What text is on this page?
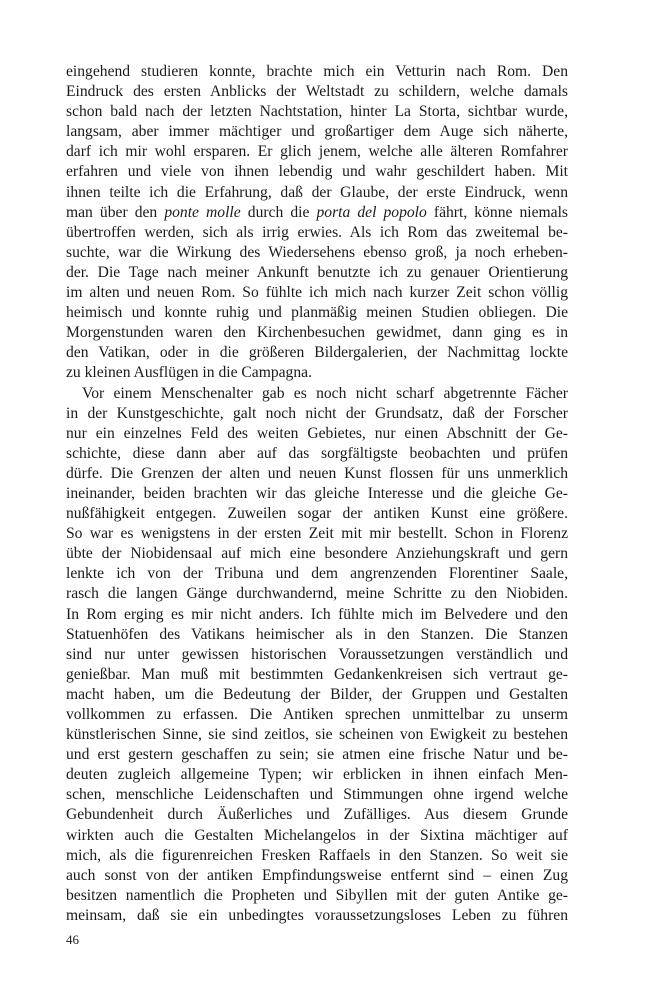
eingehend studieren konnte, brachte mich ein Vetturin nach Rom. Den
Eindruck des ersten Anblicks der Weltstadt zu schildern, welche damals
schon bald nach der letzten Nachtstation, hinter La Storta, sichtbar wurde,
langsam, aber immer mächtiger und großartiger dem Auge sich näherte,
darf ich mir wohl ersparen. Er glich jenem, welche alle älteren Romfahrer
erfahren und viele von ihnen lebendig und wahr geschildert haben. Mit
ihnen teilte ich die Erfahrung, daß der Glaube, der erste Eindruck, wenn
man über den ponte molle durch die porta del popolo fährt, könne niemals
übertroffen werden, sich als irrig erwies. Als ich Rom das zweitemal be-
suchte, war die Wirkung des Wiedersehens ebenso groß, ja noch erheben-
der. Die Tage nach meiner Ankunft benutzte ich zu genauer Orientierung
im alten und neuen Rom. So fühlte ich mich nach kurzer Zeit schon völlig
heimisch und konnte ruhig und planmäßig meinen Studien obliegen. Die
Morgenstunden waren den Kirchenbesuchen gewidmet, dann ging es in
den Vatikan, oder in die größeren Bildergalerien, der Nachmittag lockte
zu kleinen Ausflügen in die Campagna.

Vor einem Menschenalter gab es noch nicht scharf abgetrennte Fächer
in der Kunstgeschichte, galt noch nicht der Grundsatz, daß der Forscher
nur ein einzelnes Feld des weiten Gebietes, nur einen Abschnitt der Ge-
schichte, diese dann aber auf das sorgfältigste beobachten und prüfen
dürfe. Die Grenzen der alten und neuen Kunst flossen für uns unmerklich
ineinander, beiden brachten wir das gleiche Interesse und die gleiche Ge-
nußfähigkeit entgegen. Zuweilen sogar der antiken Kunst eine größere.
So war es wenigstens in der ersten Zeit mit mir bestellt. Schon in Florenz
übte der Niobidensaal auf mich eine besondere Anziehungskraft und gern
lenkte ich von der Tribuna und dem angrenzenden Florentiner Saale,
rasch die langen Gänge durchwandernd, meine Schritte zu den Niobiden.
In Rom erging es mir nicht anders. Ich fühlte mich im Belvedere und den
Statuenhöfen des Vatikans heimischer als in den Stanzen. Die Stanzen
sind nur unter gewissen historischen Voraussetzungen verständlich und
genießbar. Man muß mit bestimmten Gedankenkreisen sich vertraut ge-
macht haben, um die Bedeutung der Bilder, der Gruppen und Gestalten
vollkommen zu erfassen. Die Antiken sprechen unmittelbar zu unserm
künstlerischen Sinne, sie sind zeitlos, sie scheinen von Ewigkeit zu bestehen
und erst gestern geschaffen zu sein; sie atmen eine frische Natur und be-
deuten zugleich allgemeine Typen; wir erblicken in ihnen einfach Men-
schen, menschliche Leidenschaften und Stimmungen ohne irgend welche
Gebundenheit durch Äußerliches und Zufälliges. Aus diesem Grunde
wirkten auch die Gestalten Michelangelos in der Sixtina mächtiger auf
mich, als die figurenreichen Fresken Raffaels in den Stanzen. So weit sie
auch sonst von der antiken Empfindungsweise entfernt sind – einen Zug
besitzen namentlich die Propheten und Sibyllen mit der guten Antike ge-
meinsam, daß sie ein unbedingtes voraussetzungsloses Leben zu führen

46
